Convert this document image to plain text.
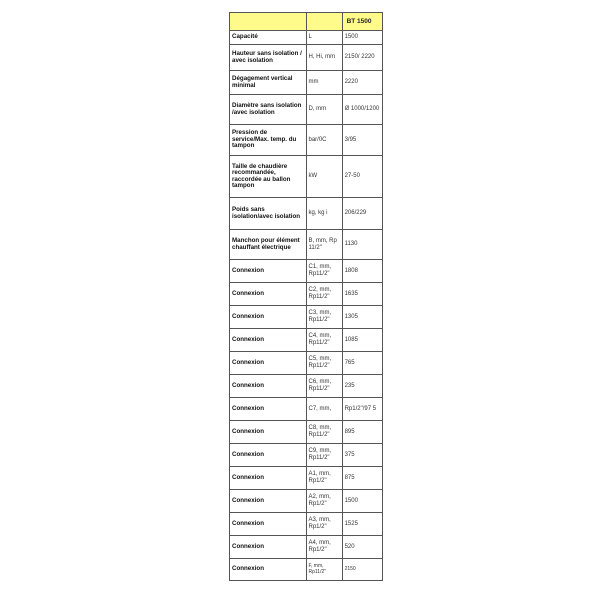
		BT 1500
Capacité	L	1500
Hauteur sans isolation / avec isolation	H, Hi, mm	2150/ 2220
Dégagement vertical minimal	mm	2220
Diamètre sans isolation /avec isolation	D, mm	Ø 1000/1200
Pression de service/Max. temp. du tampon	bar/0C	3/95
Taille de chaudière recommandée, raccordée au ballon tampon	kW	27-50
Poids sans isolation/avec isolation	kg, kg i	206/229
Manchon pour élément chauffant électrique	B, mm, Rp 11/2"	1130
Connexion	C1, mm, Rp11/2"	1808
Connexion	C2, mm, Rp11/2"	1635
Connexion	C3, mm, Rp11/2"	1305
Connexion	C4, mm, Rp11/2"	1085
Connexion	C5, mm, Rp11/2"	765
Connexion	C6, mm, Rp11/2"	235
Connexion	C7, mm,	Rp1/2"/97 5
Connexion	C8, mm, Rp11/2"	895
Connexion	C9, mm, Rp11/2"	375
Connexion	A1, mm, Rp1/2"	875
Connexion	A2, mm, Rp1/2"	1500
Connexion	A3, mm, Rp1/2"	1525
Connexion	A4, mm, Rp1/2"	520
Connexion	F, mm, Rp11/2"	2150
